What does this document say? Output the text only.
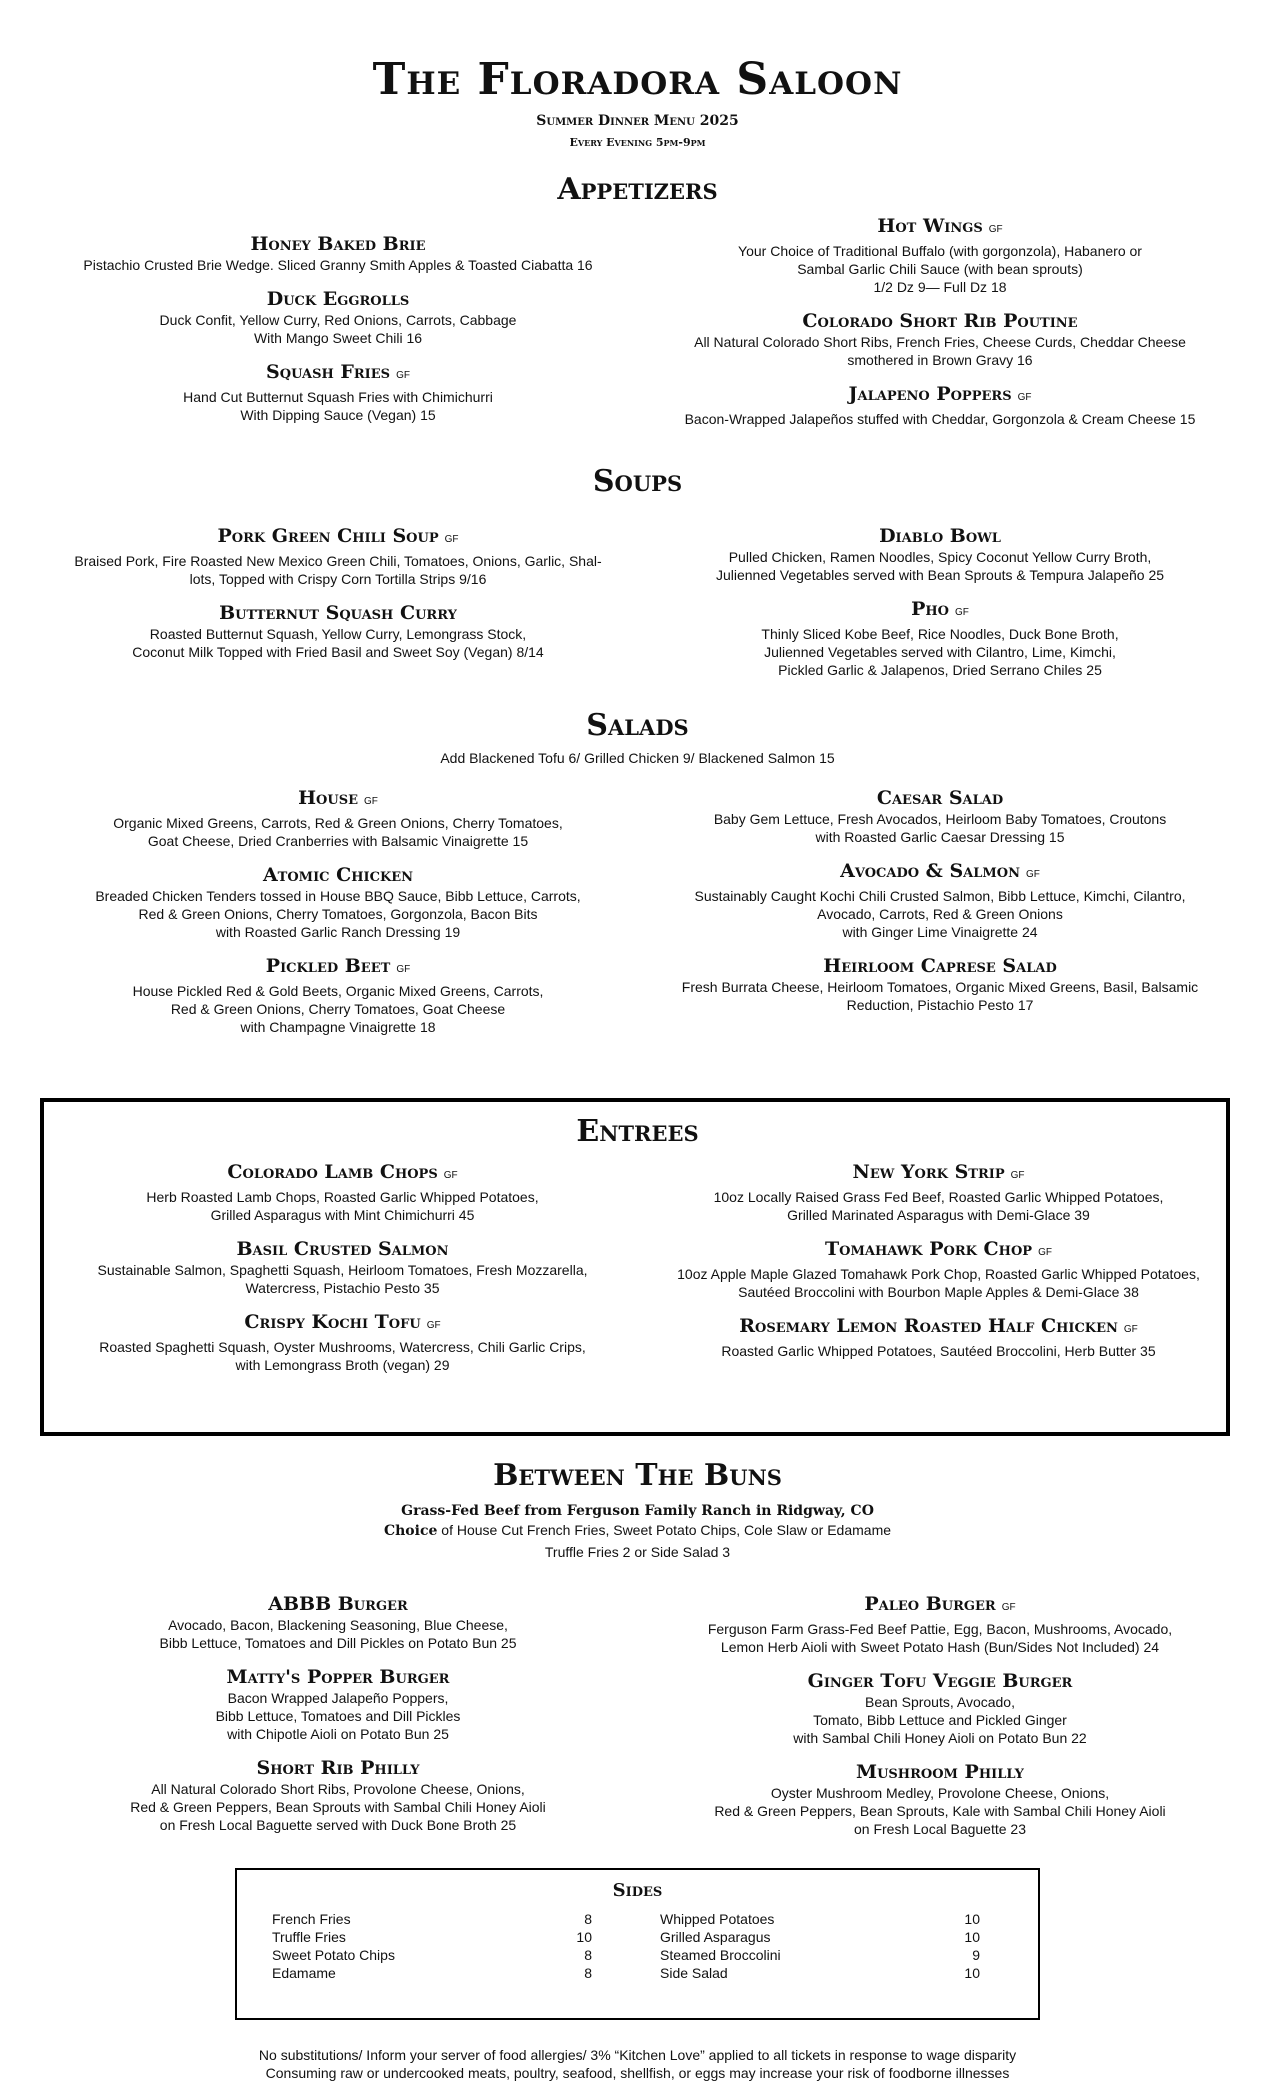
The Floradora Saloon
Summer Dinner Menu 2025
Every Evening 5pm-9pm
Appetizers
Honey Baked Brie
Pistachio Crusted Brie Wedge. Sliced Granny Smith Apples & Toasted Ciabatta 16
Duck Eggrolls
Duck Confit, Yellow Curry, Red Onions, Carrots, Cabbage
With Mango Sweet Chili 16
Squash Fries GF
Hand Cut Butternut Squash Fries with Chimichurri
With Dipping Sauce (Vegan) 15
Hot Wings GF
Your Choice of Traditional Buffalo (with gorgonzola), Habanero or
Sambal Garlic Chili Sauce (with bean sprouts)
1/2 Dz 9— Full Dz 18
Colorado Short Rib Poutine
All Natural Colorado Short Ribs, French Fries, Cheese Curds, Cheddar Cheese
smothered in Brown Gravy 16
Jalapeno Poppers GF
Bacon-Wrapped Jalapeños stuffed with Cheddar, Gorgonzola & Cream Cheese 15
Soups
Pork Green Chili Soup GF
Braised Pork, Fire Roasted New Mexico Green Chili, Tomatoes, Onions, Garlic, Shal-
lots, Topped with Crispy Corn Tortilla Strips 9/16
Butternut Squash Curry
Roasted Butternut Squash, Yellow Curry, Lemongrass Stock,
Coconut Milk Topped with Fried Basil and Sweet Soy (Vegan) 8/14
Diablo Bowl
Pulled Chicken, Ramen Noodles, Spicy Coconut Yellow Curry Broth,
Julienned Vegetables served with Bean Sprouts & Tempura Jalapeño 25
Pho GF
Thinly Sliced Kobe Beef, Rice Noodles, Duck Bone Broth,
Julienned Vegetables served with Cilantro, Lime, Kimchi,
Pickled Garlic & Jalapenos, Dried Serrano Chiles 25
Salads
Add Blackened Tofu 6/ Grilled Chicken 9/ Blackened Salmon 15
House GF
Organic Mixed Greens, Carrots, Red & Green Onions, Cherry Tomatoes,
Goat Cheese, Dried Cranberries with Balsamic Vinaigrette 15
Atomic Chicken
Breaded Chicken Tenders tossed in House BBQ Sauce, Bibb Lettuce, Carrots,
Red & Green Onions, Cherry Tomatoes, Gorgonzola, Bacon Bits
with Roasted Garlic Ranch Dressing 19
Pickled Beet GF
House Pickled Red & Gold Beets, Organic Mixed Greens, Carrots,
Red & Green Onions, Cherry Tomatoes, Goat Cheese
with Champagne Vinaigrette 18
Caesar Salad
Baby Gem Lettuce, Fresh Avocados, Heirloom Baby Tomatoes, Croutons
with Roasted Garlic Caesar Dressing 15
Avocado & Salmon GF
Sustainably Caught Kochi Chili Crusted Salmon, Bibb Lettuce, Kimchi, Cilantro,
Avocado, Carrots, Red & Green Onions
with Ginger Lime Vinaigrette 24
Heirloom Caprese Salad
Fresh Burrata Cheese, Heirloom Tomatoes, Organic Mixed Greens, Basil, Balsamic
Reduction, Pistachio Pesto 17
Entrees
Colorado Lamb Chops GF
Herb Roasted Lamb Chops, Roasted Garlic Whipped Potatoes,
Grilled Asparagus with Mint Chimichurri 45
Basil Crusted Salmon
Sustainable Salmon, Spaghetti Squash, Heirloom Tomatoes, Fresh Mozzarella,
Watercress, Pistachio Pesto 35
Crispy Kochi Tofu GF
Roasted Spaghetti Squash, Oyster Mushrooms, Watercress, Chili Garlic Crips,
with Lemongrass Broth (vegan) 29
New York Strip GF
10oz Locally Raised Grass Fed Beef, Roasted Garlic Whipped Potatoes,
Grilled Marinated Asparagus with Demi-Glace 39
Tomahawk Pork Chop GF
10oz Apple Maple Glazed Tomahawk Pork Chop, Roasted Garlic Whipped Potatoes,
Sautéed Broccolini with Bourbon Maple Apples & Demi-Glace 38
Rosemary Lemon Roasted Half Chicken GF
Roasted Garlic Whipped Potatoes, Sautéed Broccolini, Herb Butter 35
Between The Buns
Grass-Fed Beef from Ferguson Family Ranch in Ridgway, CO
Choice of House Cut French Fries, Sweet Potato Chips, Cole Slaw or Edamame
Truffle Fries 2 or Side Salad 3
ABBB Burger
Avocado, Bacon, Blackening Seasoning, Blue Cheese,
Bibb Lettuce, Tomatoes and Dill Pickles on Potato Bun 25
Matty's Popper Burger
Bacon Wrapped Jalapeño Poppers,
Bibb Lettuce, Tomatoes and Dill Pickles
with Chipotle Aioli on Potato Bun 25
Short Rib Philly
All Natural Colorado Short Ribs, Provolone Cheese, Onions,
Red & Green Peppers, Bean Sprouts with Sambal Chili Honey Aioli
on Fresh Local Baguette served with Duck Bone Broth 25
Paleo Burger GF
Ferguson Farm Grass-Fed Beef Pattie, Egg, Bacon, Mushrooms, Avocado,
Lemon Herb Aioli with Sweet Potato Hash (Bun/Sides Not Included) 24
Ginger Tofu Veggie Burger
Bean Sprouts, Avocado,
Tomato, Bibb Lettuce and Pickled Ginger
with Sambal Chili Honey Aioli on Potato Bun 22
Mushroom Philly
Oyster Mushroom Medley, Provolone Cheese, Onions,
Red & Green Peppers, Bean Sprouts, Kale with Sambal Chili Honey Aioli
on Fresh Local Baguette 23
Sides
French Fries	8
Truffle Fries	10
Sweet Potato Chips	8
Edamame	8
Whipped Potatoes	10
Grilled Asparagus	10
Steamed Broccolini	9
Side Salad	10
No substitutions/ Inform your server of food allergies/ 3% “Kitchen Love” applied to all tickets in response to wage disparity
Consuming raw or undercooked meats, poultry, seafood, shellfish, or eggs may increase your risk of foodborne illnesses
